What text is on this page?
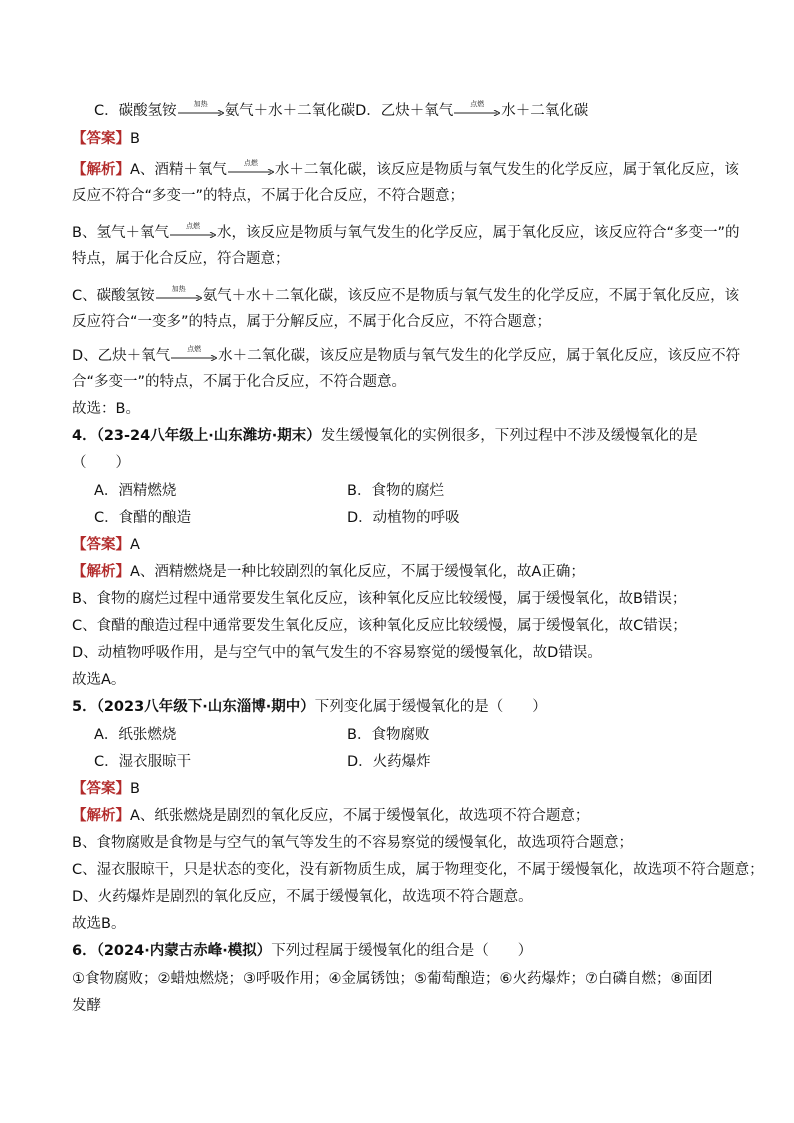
C．碳酸氢铵	加热	氨气＋水＋二氧化碳D．乙炔＋氧气	点燃	水＋二氧化碳
【答案】B
【解析】A、酒精＋氧气	点燃	水＋二氧化碳，该反应是物质与氧气发生的化学反应，属于氧化反应，该
反应不符合“多变一”的特点，不属于化合反应，不符合题意；
B、氢气＋氧气	点燃	水，该反应是物质与氧气发生的化学反应，属于氧化反应，该反应符合“多变一”的
特点，属于化合反应，符合题意；
C、碳酸氢铵	加热	氨气＋水＋二氧化碳，该反应不是物质与氧气发生的化学反应，不属于氧化反应，该
反应符合“一变多”的特点，属于分解反应，不属于化合反应，不符合题意；
D、乙炔＋氧气	点燃	水＋二氧化碳，该反应是物质与氧气发生的化学反应，属于氧化反应，该反应不符
合“多变一”的特点，不属于化合反应，不符合题意。
故选：B。
4．（23-24八年级上·山东潍坊·期末）发生缓慢氧化的实例很多，下列过程中不涉及缓慢氧化的是
（　　）
A．酒精燃烧	B．食物的腐烂
C．食醋的酿造	D．动植物的呼吸
【答案】A
【解析】A、酒精燃烧是一种比较剧烈的氧化反应，不属于缓慢氧化，故A正确；
B、食物的腐烂过程中通常要发生氧化反应，该种氧化反应比较缓慢，属于缓慢氧化，故B错误；
C、食醋的酿造过程中通常要发生氧化反应，该种氧化反应比较缓慢，属于缓慢氧化，故C错误；
D、动植物呼吸作用，是与空气中的氧气发生的不容易察觉的缓慢氧化，故D错误。
故选A。
5．（2023八年级下·山东淄博·期中）下列变化属于缓慢氧化的是（　　）
A．纸张燃烧	B．食物腐败
C．湿衣服晾干	D．火药爆炸
【答案】B
【解析】A、纸张燃烧是剧烈的氧化反应，不属于缓慢氧化，故选项不符合题意；
B、食物腐败是食物是与空气的氧气等发生的不容易察觉的缓慢氧化，故选项符合题意；
C、湿衣服晾干，只是状态的变化，没有新物质生成，属于物理变化，不属于缓慢氧化，故选项不符合题意；
D、火药爆炸是剧烈的氧化反应，不属于缓慢氧化，故选项不符合题意。
故选B。
6．（2024·内蒙古赤峰·模拟）下列过程属于缓慢氧化的组合是（　　）
①食物腐败；②蜡烛燃烧；③呼吸作用；④金属锈蚀；⑤葡萄酿造；⑥火药爆炸；⑦白磷自燃；⑧面团
发酵
